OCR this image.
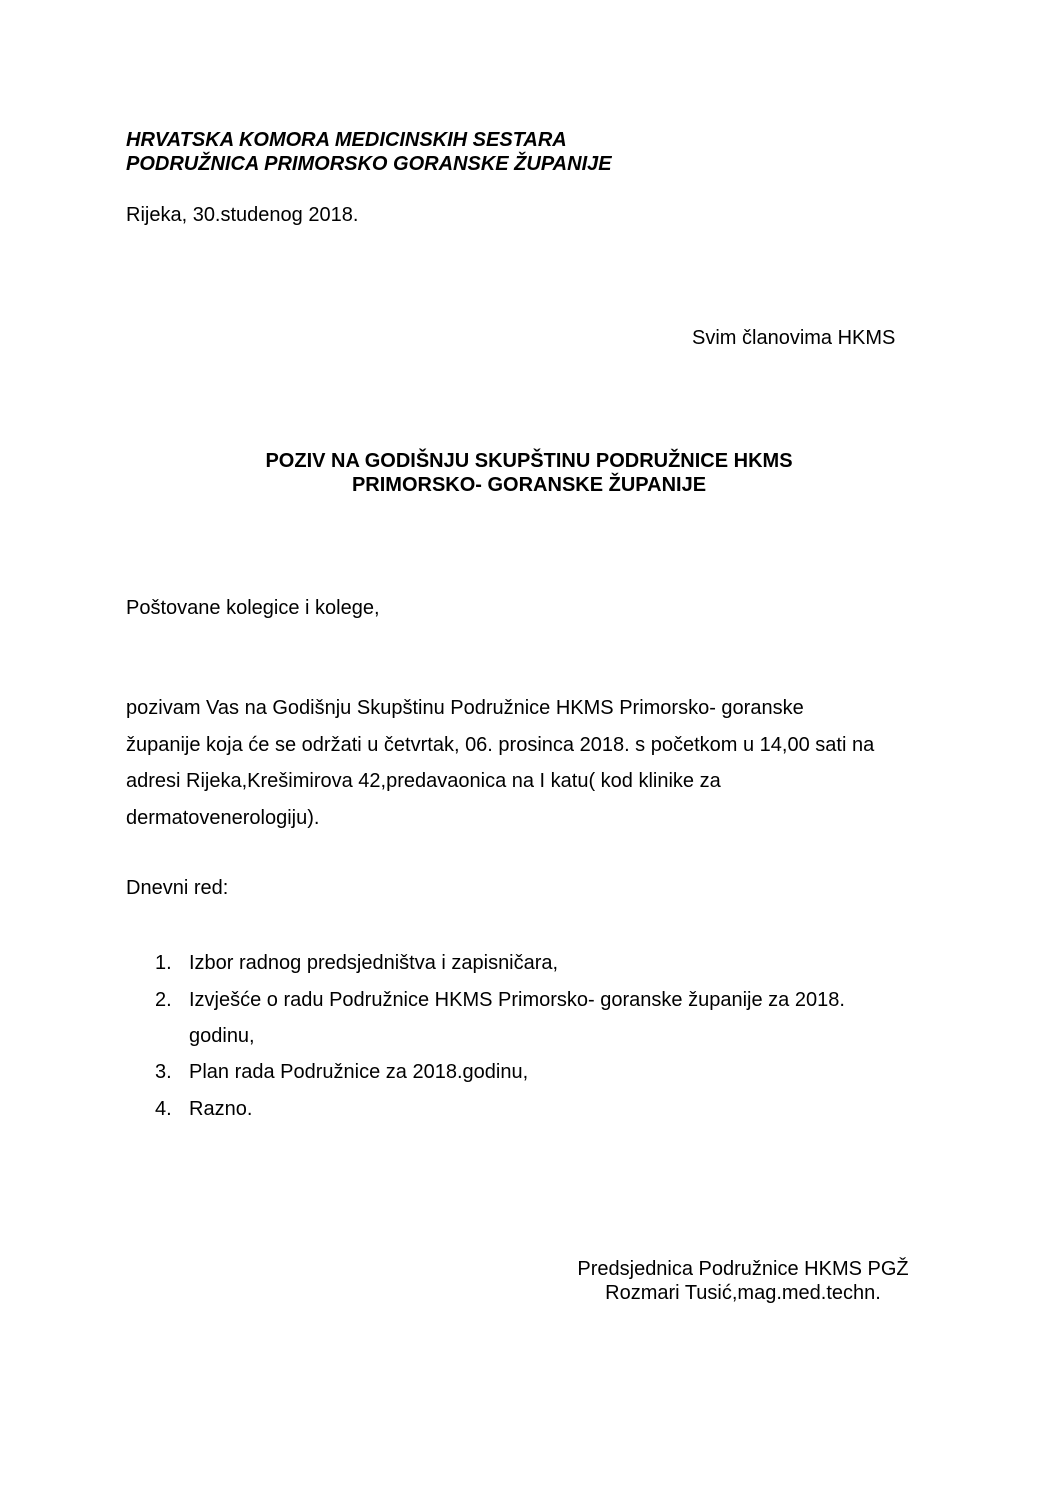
HRVATSKA KOMORA MEDICINSKIH SESTARA
PODRUŽNICA PRIMORSKO GORANSKE ŽUPANIJE
Rijeka, 30.studenog 2018.
Svim članovima HKMS
POZIV NA GODIŠNJU SKUPŠTINU PODRUŽNICE HKMS
PRIMORSKO- GORANSKE ŽUPANIJE
Poštovane kolegice i kolege,
pozivam Vas na Godišnju Skupštinu Podružnice HKMS Primorsko- goranske
županije koja će se održati u četvrtak, 06. prosinca 2018. s početkom u 14,00 sati na
adresi Rijeka,Krešimirova 42,predavaonica na I katu( kod klinike za
dermatovenerologiju).
Dnevni red:
1. Izbor radnog predsjedništva i zapisničara,
2. Izvješće o radu Podružnice HKMS Primorsko- goranske županije za 2018.
godinu,
3. Plan rada Podružnice za 2018.godinu,
4. Razno.
Predsjednica Podružnice HKMS PGŽ
Rozmari Tusić,mag.med.techn.
